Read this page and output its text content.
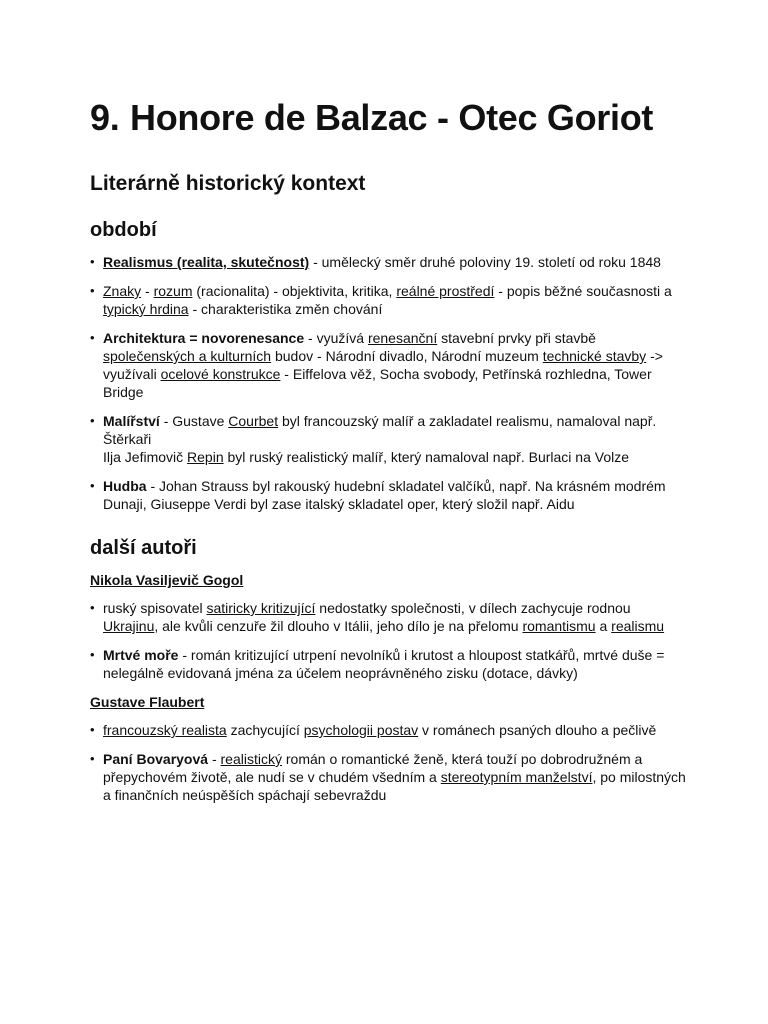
9. Honore de Balzac - Otec Goriot
Literárně historický kontext
období
• Realismus (realita, skutečnost) - umělecký směr druhé poloviny 19. století od roku 1848
• Znaky - rozum (racionalita) - objektivita, kritika, reálné prostředí - popis běžné současnosti a typický hrdina - charakteristika změn chování
• Architektura = novorenesance - využívá renesanční stavební prvky při stavbě společenských a kulturních budov - Národní divadlo, Národní muzeum technické stavby -> využívali ocelové konstrukce - Eiffelova věž, Socha svobody, Petřínská rozhledna, Tower Bridge
• Malířství - Gustave Courbet byl francouzský malíř a zakladatel realismu, namaloval např. Štěrkaři
Ilja Jefimovič Repin byl ruský realistický malíř, který namaloval např. Burlaci na Volze
• Hudba - Johan Strauss byl rakouský hudební skladatel valčíků, např. Na krásném modrém Dunaji, Giuseppe Verdi byl zase italský skladatel oper, který složil např. Aidu
další autoři
Nikola Vasiljevič Gogol
• ruský spisovatel satiricky kritizující nedostatky společnosti, v dílech zachycuje rodnou Ukrajinu, ale kvůli cenzuře žil dlouho v Itálii, jeho dílo je na přelomu romantismu a realismu
• Mrtvé moře - román kritizující utrpení nevolníků i krutost a hloupost statkářů, mrtvé duše = nelegálně evidovaná jména za účelem neoprávněného zisku (dotace, dávky)
Gustave Flaubert
• francouzský realista zachycující psychologii postav v románech psaných dlouho a pečlivě
• Paní Bovaryová - realistický román o romantické ženě, která touží po dobrodružném a přepychovém životě, ale nudí se v chudém všedním a stereotypním manželství, po milostných a finančních neúspěších spáchají sebevraždu
